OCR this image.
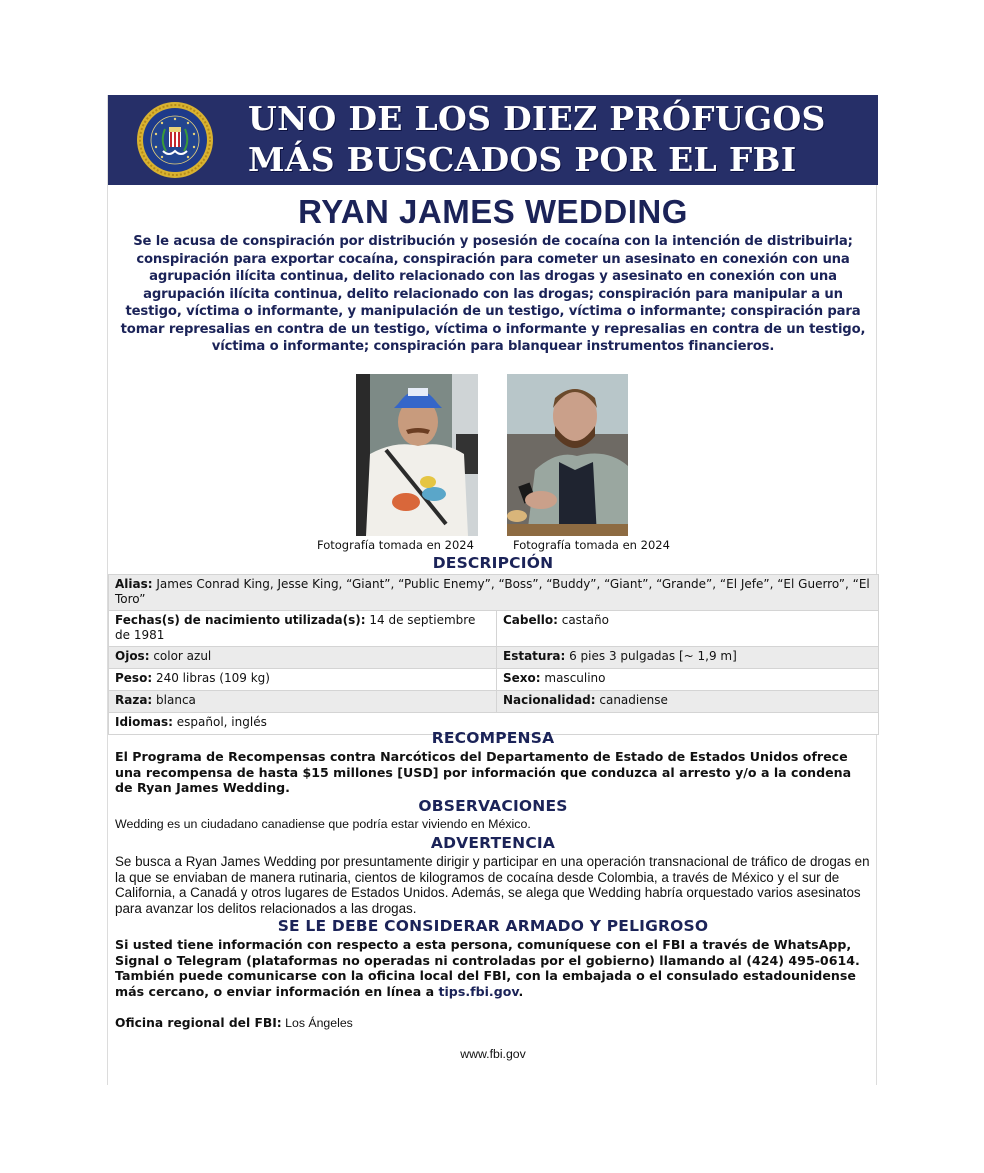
UNO DE LOS DIEZ PRÓFUGOS
MÁS BUSCADOS POR EL FBI
RYAN JAMES WEDDING
Se le acusa de conspiración por distribución y posesión de cocaína con la intención de distribuirla; conspiración para exportar cocaína, conspiración para cometer un asesinato en conexión con una agrupación ilícita continua, delito relacionado con las drogas y asesinato en conexión con una agrupación ilícita continua, delito relacionado con las drogas; conspiración para manipular a un testigo, víctima o informante, y manipulación de un testigo, víctima o informante; conspiración para tomar represalias en contra de un testigo, víctima o informante y represalias en contra de un testigo, víctima o informante; conspiración para blanquear instrumentos financieros.
Fotografía tomada en 2024	Fotografía tomada en 2024
DESCRIPCIÓN
Alias: James Conrad King, Jesse King, “Giant”, “Public Enemy”, “Boss”, “Buddy”, “Giant”, “Grande”, “El Jefe”, “El Guerro”, “El Toro”	
Fechas(s) de nacimiento utilizada(s): 14 de septiembre de 1981	Cabello: castaño
Ojos: color azul	Estatura: 6 pies 3 pulgadas [~ 1,9 m]
Peso: 240 libras (109 kg)	Sexo: masculino
Raza: blanca	Nacionalidad: canadiense
Idiomas: español, inglés	
RECOMPENSA
El Programa de Recompensas contra Narcóticos del Departamento de Estado de Estados Unidos ofrece una recompensa de hasta $15 millones [USD] por información que conduzca al arresto y/o a la condena de Ryan James Wedding.
OBSERVACIONES
Wedding es un ciudadano canadiense que podría estar viviendo en México.
ADVERTENCIA
Se busca a Ryan James Wedding por presuntamente dirigir y participar en una operación transnacional de tráfico de drogas en la que se enviaban de manera rutinaria, cientos de kilogramos de cocaína desde Colombia, a través de México y el sur de California, a Canadá y otros lugares de Estados Unidos. Además, se alega que Wedding habría orquestado varios asesinatos para avanzar los delitos relacionados a las drogas.
SE LE DEBE CONSIDERAR ARMADO Y PELIGROSO
Si usted tiene información con respecto a esta persona, comuníquese con el FBI a través de WhatsApp, Signal o Telegram (plataformas no operadas ni controladas por el gobierno) llamando al (424) 495-0614. También puede comunicarse con la oficina local del FBI, con la embajada o el consulado estadounidense más cercano, o enviar información en línea a tips.fbi.gov.
Oficina regional del FBI: Los Ángeles
www.fbi.gov
